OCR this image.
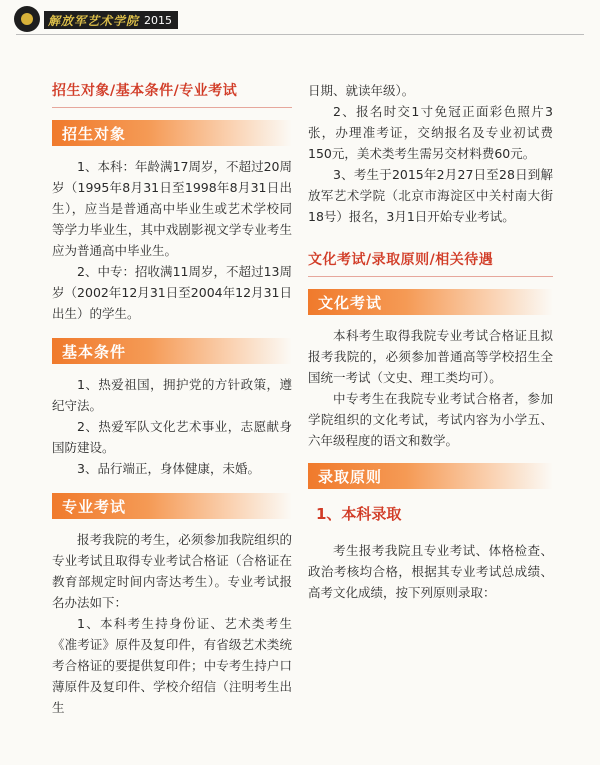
解放军艺术学院 2015
招生对象/基本条件/专业考试
招生对象

1、本科：年龄满17周岁，不超过20周岁（1995年8月31日至1998年8月31日出生），应当是普通高中毕业生或艺术学校同等学力毕业生，其中戏剧影视文学专业考生应为普通高中毕业生。

2、中专：招收满11周岁，不超过13周岁（2002年12月31日至2004年12月31日出生）的学生。

基本条件

1、热爱祖国，拥护党的方针政策，遵纪守法。

2、热爱军队文化艺术事业，志愿献身国防建设。

3、品行端正，身体健康，未婚。

专业考试

报考我院的考生，必须参加我院组织的专业考试且取得专业考试合格证（合格证在教育部规定时间内寄达考生）。专业考试报名办法如下：

1、本科考生持身份证、艺术类考生《准考证》原件及复印件，有省级艺术类统考合格证的要提供复印件；中专考生持户口薄原件及复印件、学校介绍信（注明考生出生

日期、就读年级）。

2、报名时交1寸免冠正面彩色照片3张，办理准考证，交纳报名及专业初试费150元，美术类考生需另交材料费60元。

3、考生于2015年2月27日至28日到解放军艺术学院（北京市海淀区中关村南大街18号）报名，3月1日开始专业考试。

文化考试/录取原则/相关待遇
文化考试

本科考生取得我院专业考试合格证且拟报考我院的，必须参加普通高等学校招生全国统一考试（文史、理工类均可）。

中专考生在我院专业考试合格者，参加学院组织的文化考试，考试内容为小学五、六年级程度的语文和数学。

录取原则
1、本科录取

考生报考我院且专业考试、体格检查、政治考核均合格，根据其专业考试总成绩、高考文化成绩，按下列原则录取：
